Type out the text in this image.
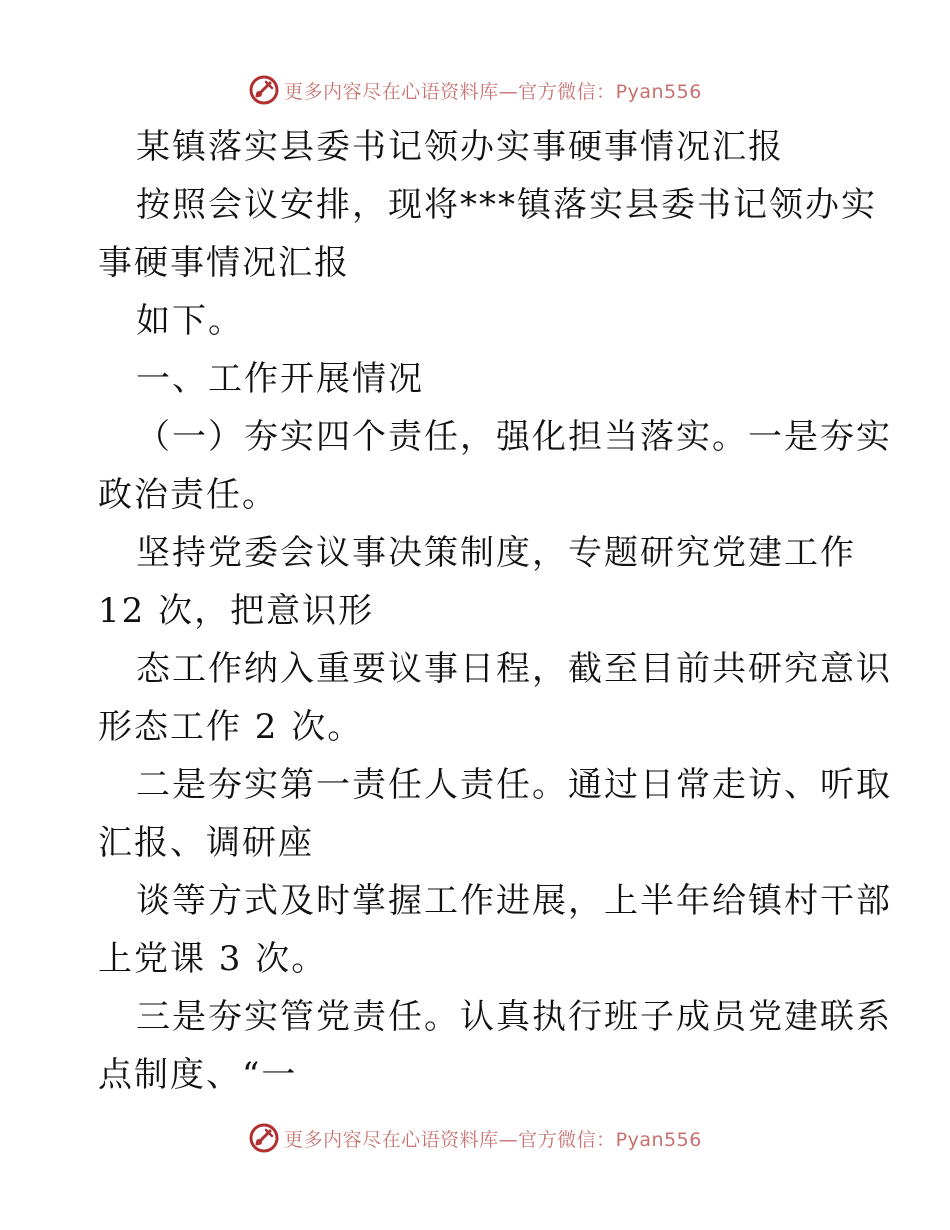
更多内容尽在心语资料库—官方微信：Pyan556
某镇落实县委书记领办实事硬事情况汇报
按照会议安排，现将***镇落实县委书记领办实
事硬事情况汇报
如下。
一、工作开展情况
（一）夯实四个责任，强化担当落实。一是夯实
政治责任。
坚持党委会议事决策制度，专题研究党建工作
12 次，把意识形
态工作纳入重要议事日程，截至目前共研究意识
形态工作 2 次。
二是夯实第一责任人责任。通过日常走访、听取
汇报、调研座
谈等方式及时掌握工作进展，上半年给镇村干部
上党课 3 次。
三是夯实管党责任。认真执行班子成员党建联系
点制度、“一
更多内容尽在心语资料库—官方微信：Pyan556
